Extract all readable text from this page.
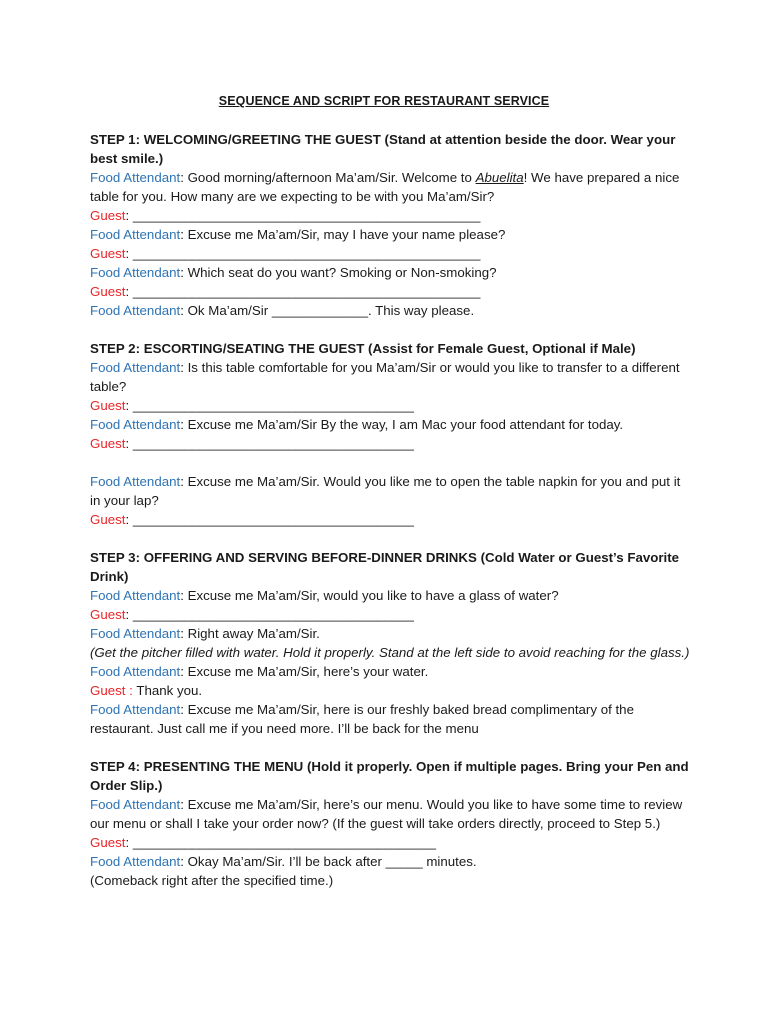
SEQUENCE AND SCRIPT FOR RESTAURANT SERVICE

STEP 1: WELCOMING/GREETING THE GUEST (Stand at attention beside the door. Wear your best smile.)

Food Attendant: Good morning/afternoon Ma’am/Sir. Welcome to Abuelita! We have prepared a nice table for you. How many are we expecting to be with you Ma’am/Sir?

Guest: _______________________________________________

Food Attendant: Excuse me Ma’am/Sir, may I have your name please?

Guest: _______________________________________________

Food Attendant: Which seat do you want? Smoking or Non-smoking?

Guest: _______________________________________________

Food Attendant: Ok Ma’am/Sir _____________. This way please.

STEP 2: ESCORTING/SEATING THE GUEST (Assist for Female Guest, Optional if Male)

Food Attendant: Is this table comfortable for you Ma’am/Sir or would you like to transfer to a different table?

Guest: ______________________________________

Food Attendant: Excuse me Ma’am/Sir By the way, I am Mac your food attendant for today.

Guest: ______________________________________

Food Attendant: Excuse me Ma’am/Sir. Would you like me to open the table napkin for you and put it in your lap?

Guest: ______________________________________

STEP 3: OFFERING AND SERVING BEFORE-DINNER DRINKS (Cold Water or Guest’s Favorite Drink)

Food Attendant: Excuse me Ma’am/Sir, would you like to have a glass of water?

Guest: ______________________________________

Food Attendant: Right away Ma’am/Sir.

(Get the pitcher filled with water. Hold it properly. Stand at the left side to avoid reaching for the glass.)

Food Attendant: Excuse me Ma’am/Sir, here’s your water.

Guest : Thank you.

Food Attendant: Excuse me Ma’am/Sir, here is our freshly baked bread complimentary of the restaurant. Just call me if you need more. I’ll be back for the menu

STEP 4: PRESENTING THE MENU (Hold it properly. Open if multiple pages. Bring your Pen and Order Slip.)

Food Attendant: Excuse me Ma’am/Sir, here’s our menu. Would you like to have some time to review our menu or shall I take your order now? (If the guest will take orders directly, proceed to Step 5.)

Guest: _________________________________________

Food Attendant: Okay Ma’am/Sir. I’ll be back after _____ minutes.

(Comeback right after the specified time.)
